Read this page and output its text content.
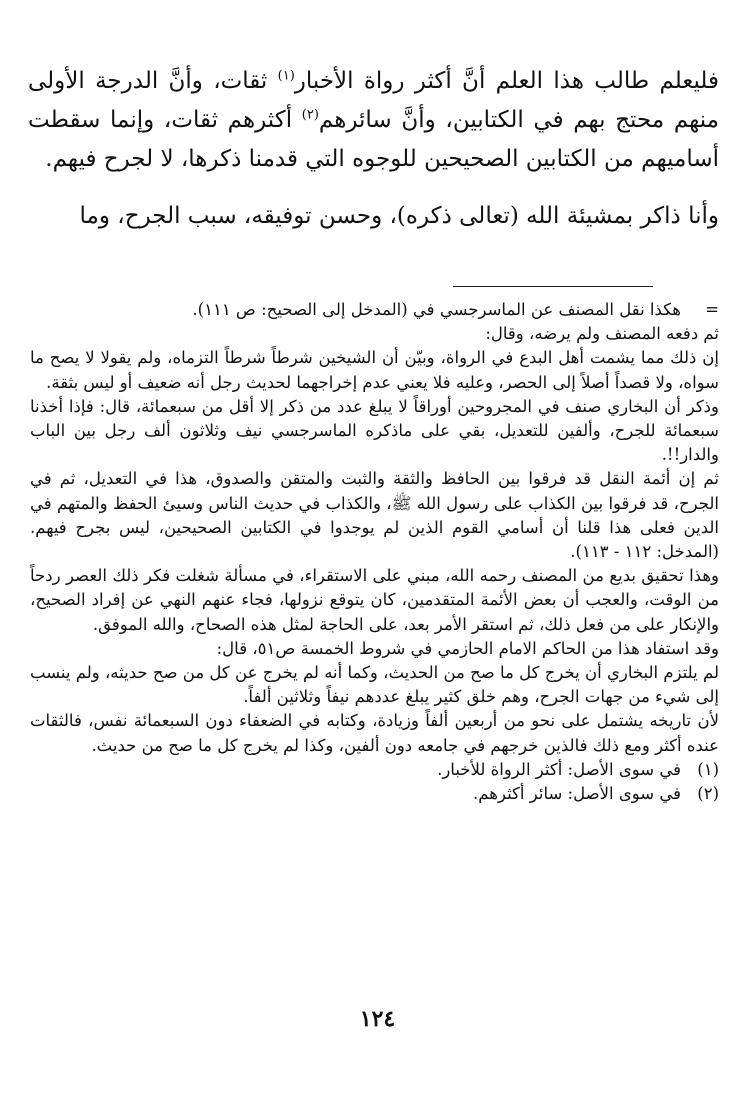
فليعلم طالب هذا العلم أنَّ أكثر رواة الأخبار$^{(١)}$ ثقات، وأنَّ الدرجة الأولى منهم محتج بهم في الكتابين، وأنَّ سائرهم$^{(٢)}$ أكثرهم ثقات، وإنما سقطت أساميهم من الكتابين الصحيحين للوجوه التي قدمنا ذكرها، لا لجرح فيهم.

وأنا ذاكر بمشيئة الله (تعالى ذكره)، وحسن توفيقه، سبب الجرح، وما

=
هكذا نقل المصنف عن الماسرجسي في (المدخل إلى الصحيح: ص ١١١).

ثم دفعه المصنف ولم يرضه، وقال:

إن ذلك مما يشمت أهل البدع في الرواة، وبيّن أن الشيخين شرطاً شرطاً التزماه، ولم يقولا لا يصح ما سواه، ولا قصداً أصلاً إلى الحصر، وعليه فلا يعني عدم إخراجهما لحديث رجل أنه ضعيف أو ليس بثقة.

وذكر أن البخاري صنف في المجروحين أوراقاً لا يبلغ عدد من ذكر إلا أقل من سبعمائة، قال: فإذا أخذنا سبعمائة للجرح، وألفين للتعديل، بقي على ماذكره الماسرجسي نيف وثلاثون ألف رجل بين الباب والدار!!.

ثم إن أئمة النقل قد فرقوا بين الحافظ والثقة والثبت والمتقن والصدوق، هذا في التعديل، ثم في الجرح، قد فرقوا بين الكذاب على رسول الله ﷺ، والكذاب في حديث الناس وسيئ الحفظ والمتهم في الدين فعلى هذا قلنا أن أسامي القوم الذين لم يوجدوا في الكتابين الصحيحين، ليس بجرح فيهم. (المدخل: ١١٢ - ١١٣).

وهذا تحقيق بديع من المصنف رحمه الله، مبني على الاستقراء، في مسألة شغلت فكر ذلك العصر ردحاً من الوقت، والعجب أن بعض الأئمة المتقدمين، كان يتوقع نزولها، فجاء عنهم النهي عن إفراد الصحيح، والإنكار على من فعل ذلك، ثم استقر الأمر بعد، على الحاجة لمثل هذه الصحاح، والله الموفق.

وقد استفاد هذا من الحاكم الامام الحازمي في شروط الخمسة ص٥١، قال:

لم يلتزم البخاري أن يخرج كل ما صح من الحديث، وكما أنه لم يخرج عن كل من صح حديثه، ولم ينسب إلى شيء من جهات الجرح، وهم خلق كثير يبلغ عددهم نيفاً وثلاثين ألفاً.

لأن تاريخه يشتمل على نحو من أربعين ألفاً وزيادة، وكتابه في الضعفاء دون السبعمائة نفس، فالثقات عنده أكثر ومع ذلك فالذين خرجهم في جامعه دون ألفين، وكذا لم يخرج كل ما صح من حديث.

(١)
في سوى الأصل: أكثر الرواة للأخبار.

(٢)
في سوى الأصل: سائر أكثرهم.

١٢٤
